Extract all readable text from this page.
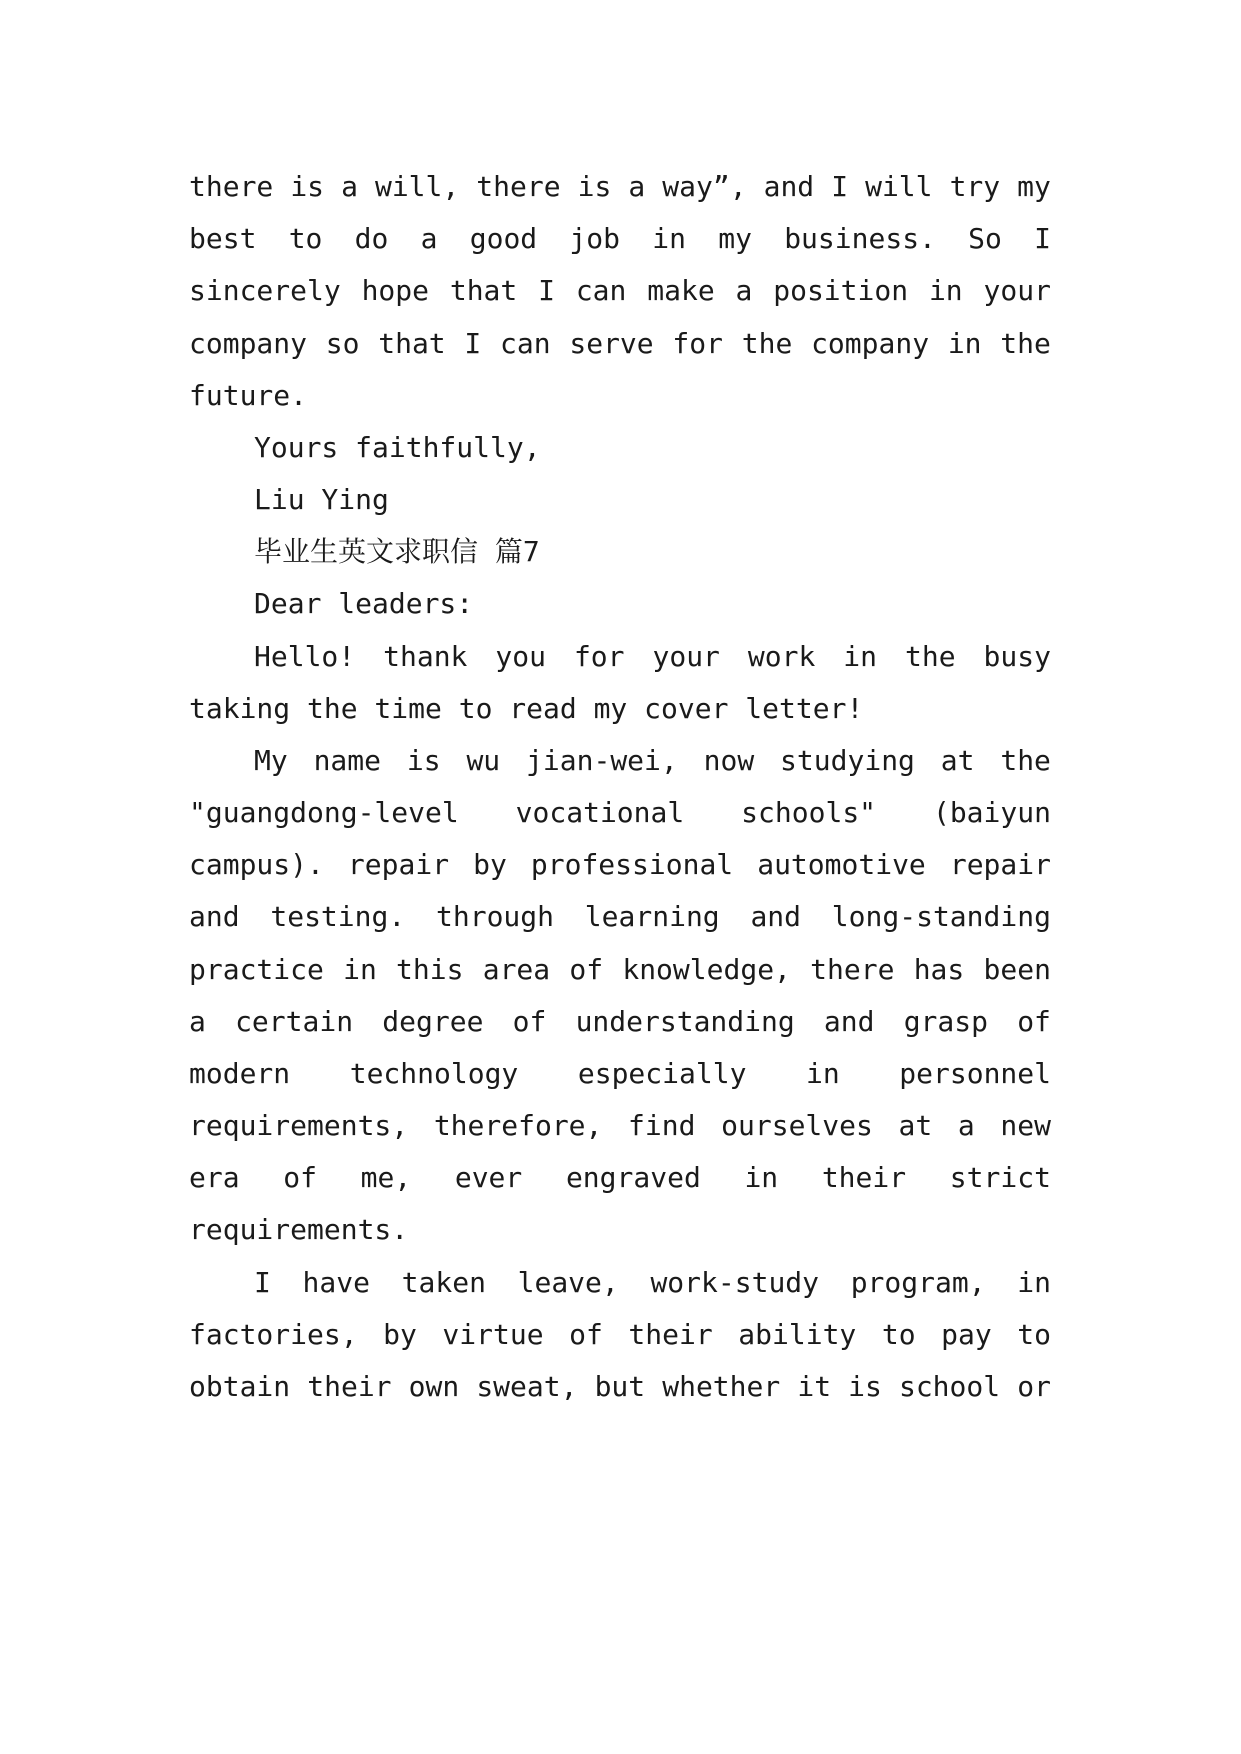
there is a will, there is a way”, and I will try my
best to do a good job in my business. So I
sincerely hope that I can make a position in your
company so that I can serve for the company in the
future.
Yours faithfully,
Liu Ying
毕业生英文求职信 篇7
Dear leaders:
Hello! thank you for your work in the busy
taking the time to read my cover letter!
My name is wu jian-wei, now studying at the
"guangdong-level vocational schools" (baiyun
campus). repair by professional automotive repair
and testing. through learning and long-standing
practice in this area of knowledge, there has been
a certain degree of understanding and grasp of
modern technology especially in personnel
requirements, therefore, find ourselves at a new
era of me, ever engraved in their strict
requirements.
I have taken leave, work-study program, in
factories, by virtue of their ability to pay to
obtain their own sweat, but whether it is school or
